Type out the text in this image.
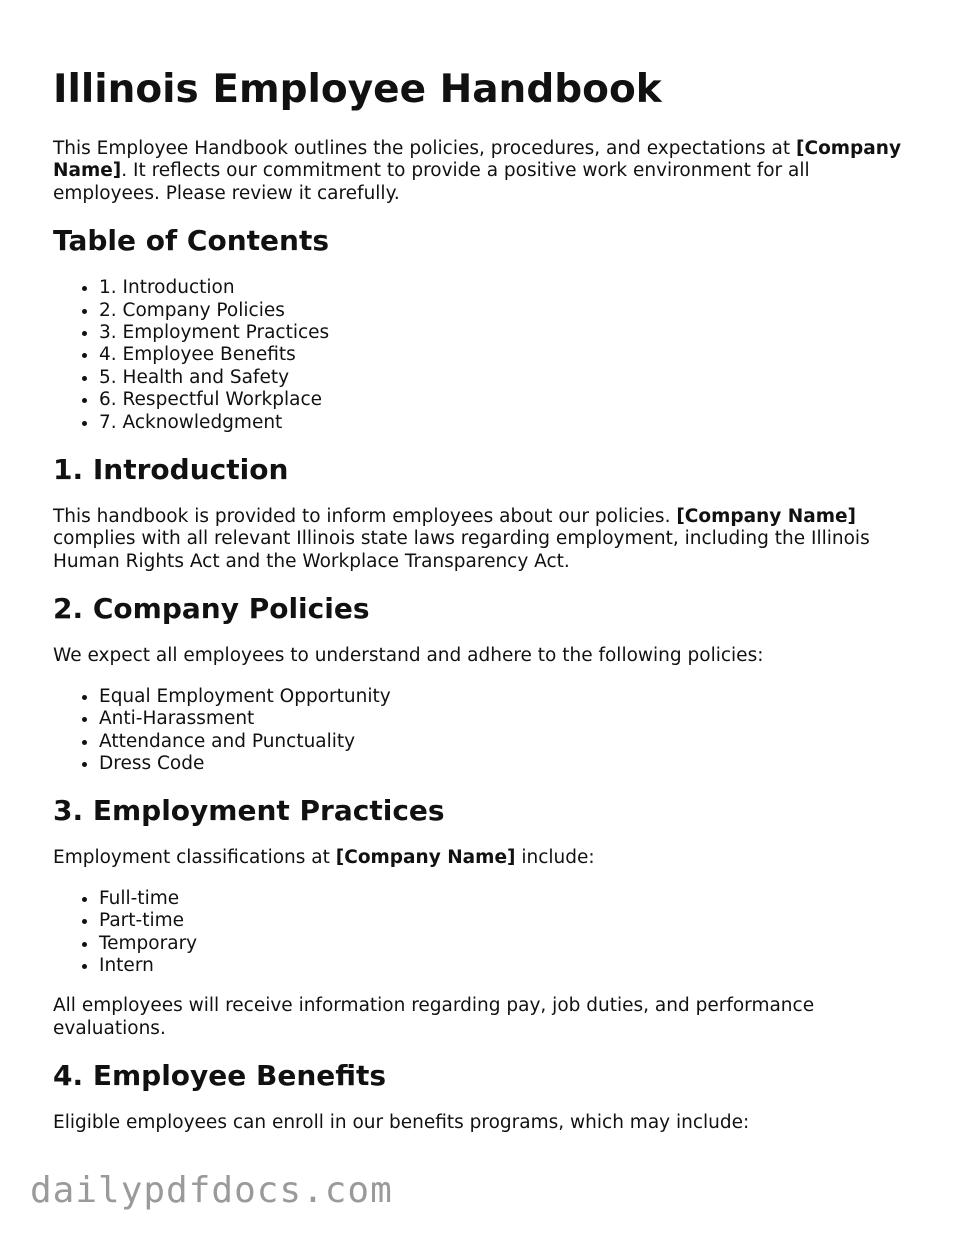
Illinois Employee Handbook

This Employee Handbook outlines the policies, procedures, and expectations at [Company Name]. It reflects our commitment to provide a positive work environment for all employees. Please review it carefully.

Table of Contents
• 1. Introduction
• 2. Company Policies
• 3. Employment Practices
• 4. Employee Benefits
• 5. Health and Safety
• 6. Respectful Workplace
• 7. Acknowledgment
1. Introduction

This handbook is provided to inform employees about our policies. [Company Name] complies with all relevant Illinois state laws regarding employment, including the Illinois Human Rights Act and the Workplace Transparency Act.

2. Company Policies

We expect all employees to understand and adhere to the following policies:

• Equal Employment Opportunity
• Anti-Harassment
• Attendance and Punctuality
• Dress Code
3. Employment Practices

Employment classifications at [Company Name] include:

• Full-time
• Part-time
• Temporary
• Intern

All employees will receive information regarding pay, job duties, and performance evaluations.

4. Employee Benefits

Eligible employees can enroll in our benefits programs, which may include:

dailypdfdocs.com
